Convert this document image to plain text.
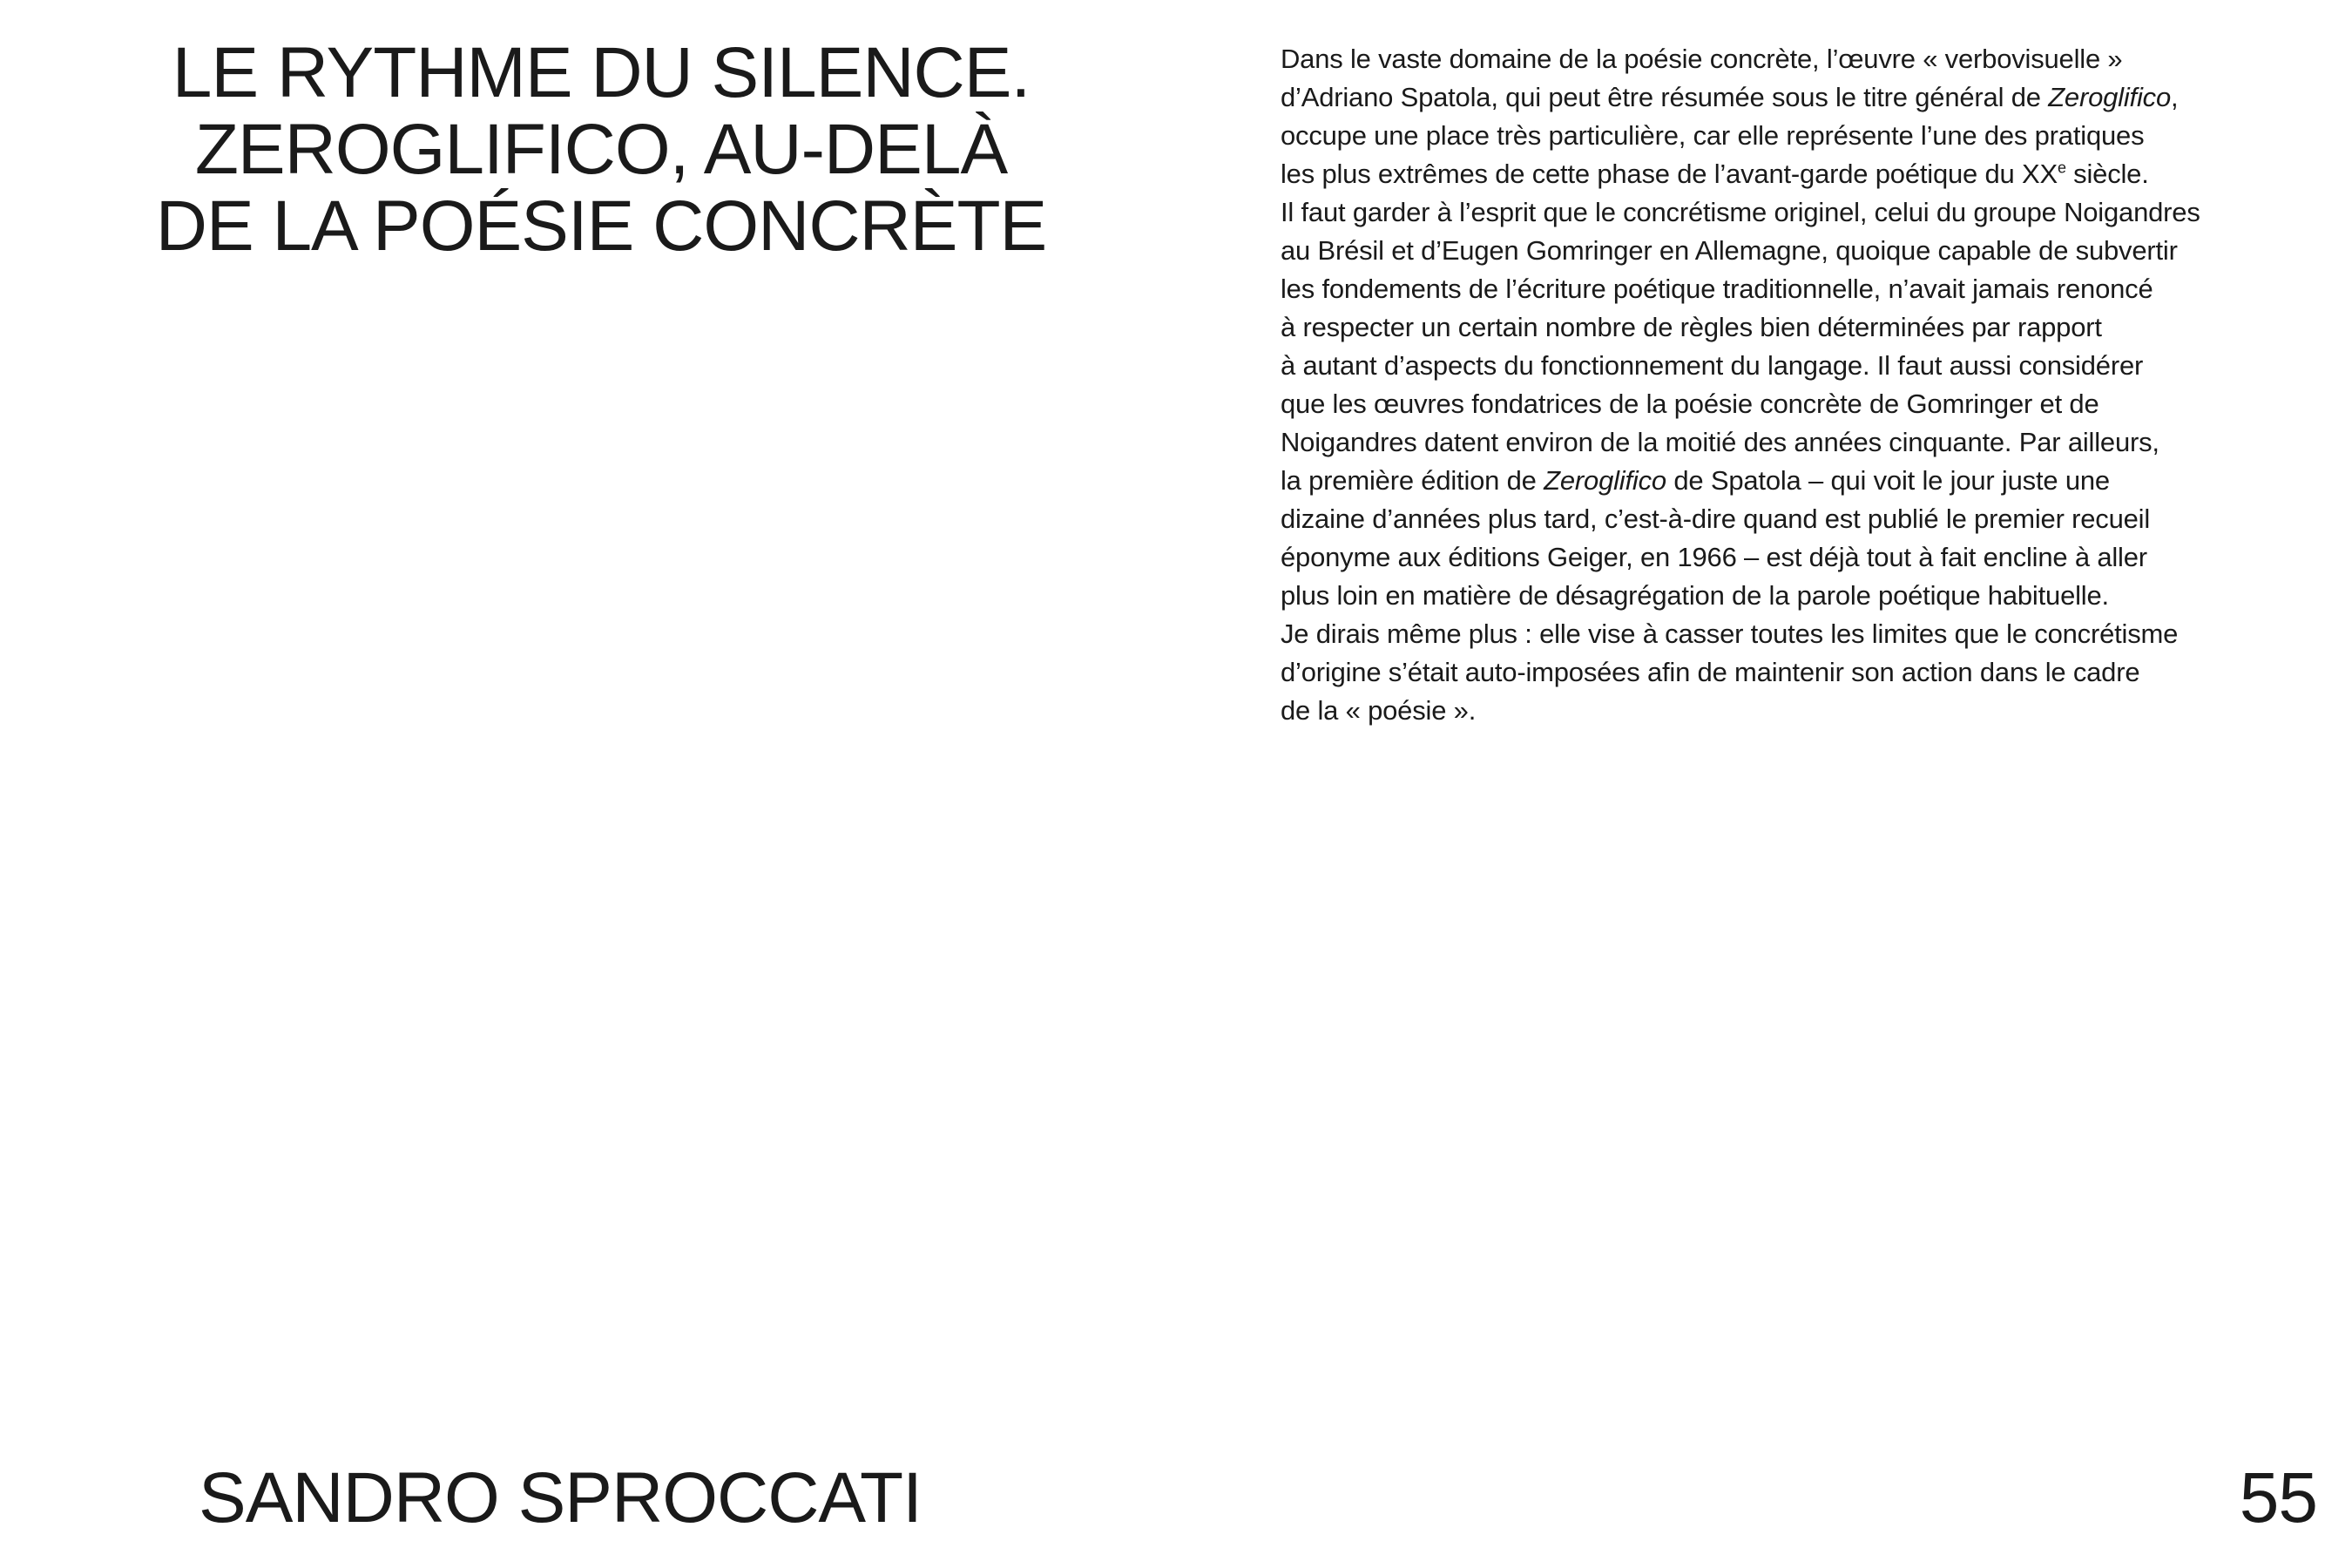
LE RYTHME DU SILENCE.
ZEROGLIFICO, AU-DELÀ
DE LA POÉSIE CONCRÈTE
Dans le vaste domaine de la poésie concrète, l’œuvre « verbovisuelle »
d’Adriano Spatola, qui peut être résumée sous le titre général de Zeroglifico,
occupe une place très particulière, car elle représente l’une des pratiques
les plus extrêmes de cette phase de l’avant-garde poétique du XXe siècle.
Il faut garder à l’esprit que le concrétisme originel, celui du groupe Noigandres
au Brésil et d’Eugen Gomringer en Allemagne, quoique capable de subvertir
les fondements de l’écriture poétique traditionnelle, n’avait jamais renoncé
à respecter un certain nombre de règles bien déterminées par rapport
à autant d’aspects du fonctionnement du langage. Il faut aussi considérer
que les œuvres fondatrices de la poésie concrète de Gomringer et de
Noigandres datent environ de la moitié des années cinquante. Par ailleurs,
la première édition de Zeroglifico de Spatola – qui voit le jour juste une
dizaine d’années plus tard, c’est-à-dire quand est publié le premier recueil
éponyme aux éditions Geiger, en 1966 – est déjà tout à fait encline à aller
plus loin en matière de désagrégation de la parole poétique habituelle.
Je dirais même plus : elle vise à casser toutes les limites que le concrétisme
d’origine s’était auto-imposées afin de maintenir son action dans le cadre
de la « poésie ».

SANDRO SPROCCATI	55
